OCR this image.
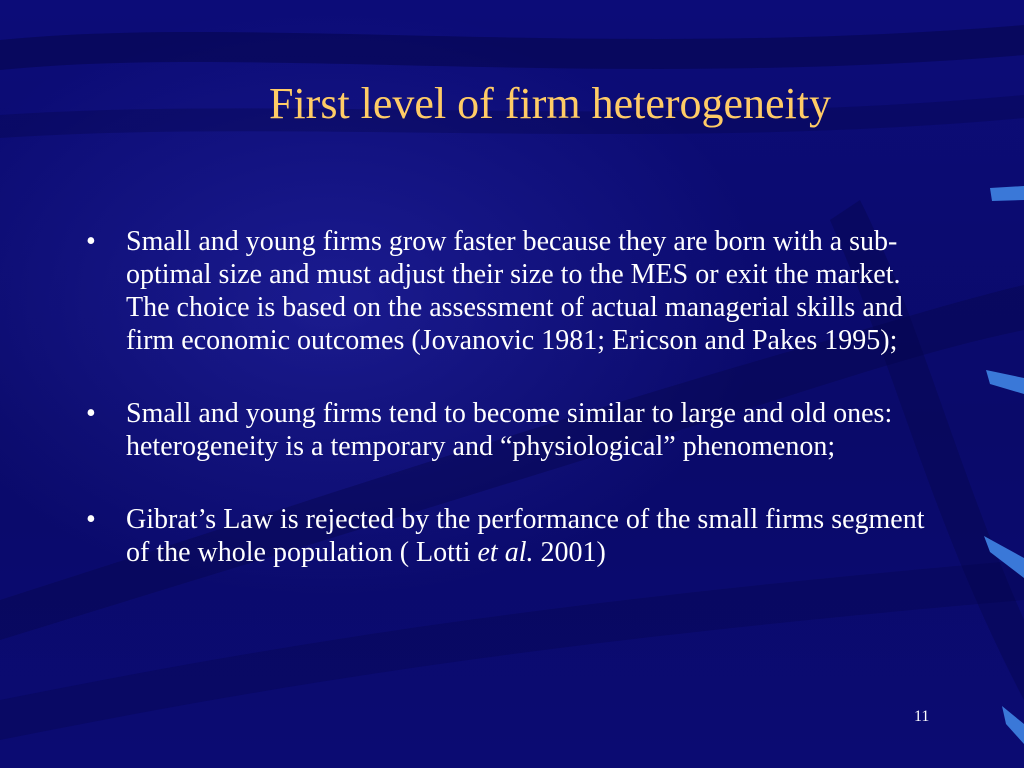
First level of firm heterogeneity
• Small and young firms grow faster because they are born with a sub-optimal size and must adjust their size to the MES or exit the market. The choice is based on the assessment of actual managerial skills and firm economic outcomes (Jovanovic 1981; Ericson and Pakes 1995);
• Small and young firms tend to become similar to large and old ones: heterogeneity is a temporary and “physiological” phenomenon;
• Gibrat’s Law is rejected by the performance of the small firms segment of the whole population ( Lotti et al. 2001)
11
